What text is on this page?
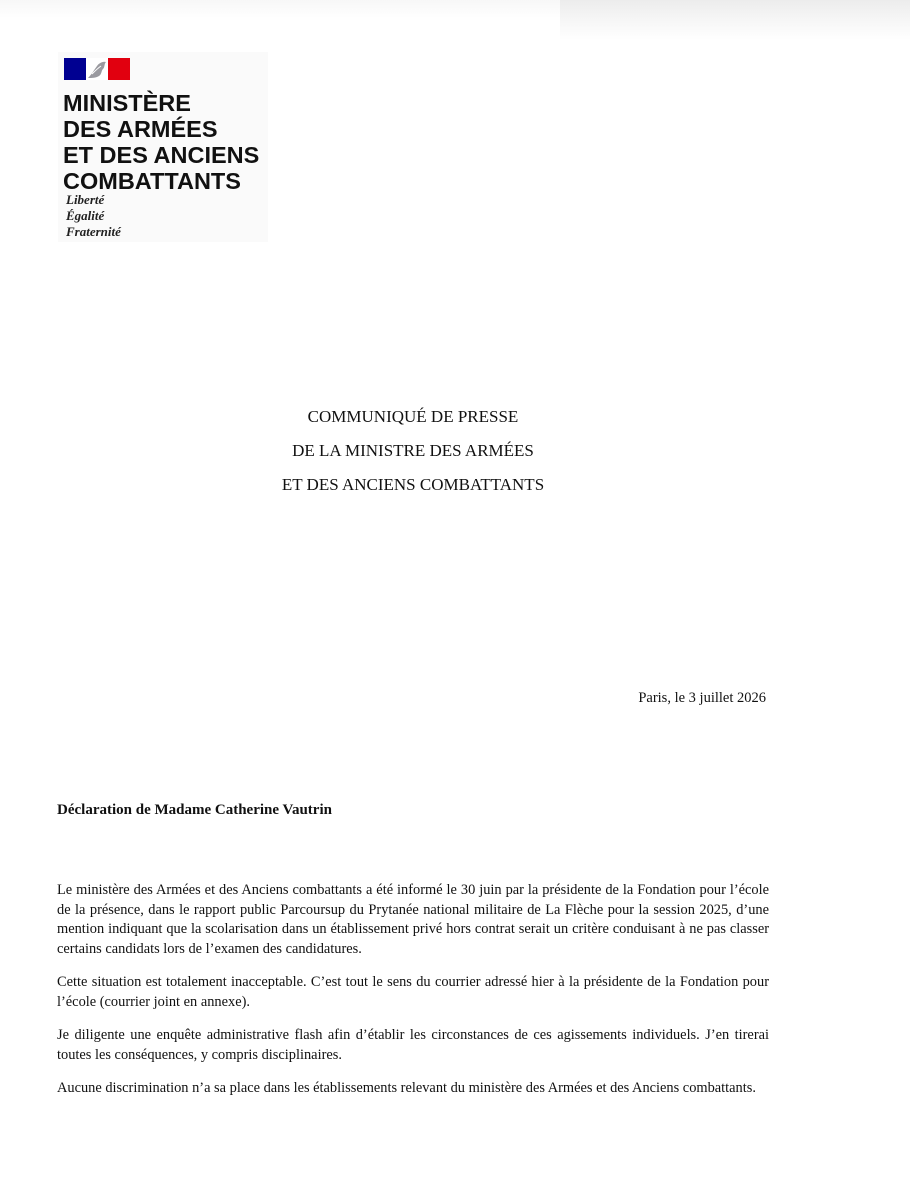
MINISTÈRE
DES ARMÉES
ET DES ANCIENS
COMBATTANTS
Liberté
Égalité
Fraternité
COMMUNIQUÉ DE PRESSE
DE LA MINISTRE DES ARMÉES
ET DES ANCIENS COMBATTANTS
Paris, le 3 juillet 2026
Déclaration de Madame Catherine Vautrin

Le ministère des Armées et des Anciens combattants a été informé le 30 juin par la présidente de la Fondation pour l’école de la présence, dans le rapport public Parcoursup du Prytanée national militaire de La Flèche pour la session 2025, d’une mention indiquant que la scolarisation dans un établissement privé hors contrat serait un critère conduisant à ne pas classer certains candidats lors de l’examen des candidatures.

Cette situation est totalement inacceptable. C’est tout le sens du courrier adressé hier à la présidente de la Fondation pour l’école (courrier joint en annexe).

Je diligente une enquête administrative flash afin d’établir les circonstances de ces agissements individuels. J’en tirerai toutes les conséquences, y compris disciplinaires.

Aucune discrimination n’a sa place dans les établissements relevant du ministère des Armées et des Anciens combattants.
